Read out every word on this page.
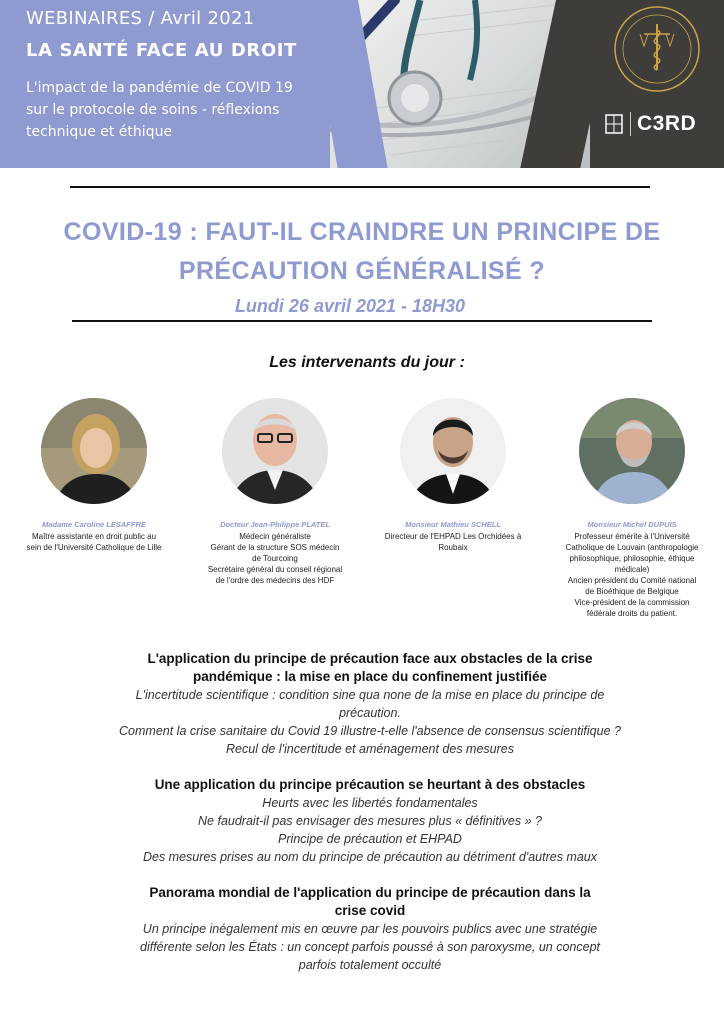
WEBINAIRES / Avril 2021
LA SANTÉ FACE AU DROIT
L'impact de la pandémie de COVID 19
sur le protocole de soins - réflexions
technique et éthique	C3RD
COVID-19 : FAUT-IL CRAINDRE UN PRINCIPE DE
PRÉCAUTION GÉNÉRALISÉ ?
Lundi 26 avril 2021 - 18H30
Les intervenants du jour :
Madame Caroline LESAFFRE
Maître assistante en droit public au
sein de l'Université Catholique de Lille
Docteur Jean-Philippe PLATEL
Médecin généraliste
Gérant de la structure SOS médecin
de Tourcoing
Secrétaire général du conseil régional
de l'ordre des médecins des HDF
Monsieur Mathieu SCHELL
Directeur de l'EHPAD Les Orchidées à
Roubaix
Monsieur Michel DUPUIS
Professeur émérite à l'Université
Catholique de Louvain (anthropologie
philosophique, philosophie, éthique
médicale)
Ancien président du Comité national
de Bioéthique de Belgique
Vice-président de la commission
fédérale droits du patient.
L'application du principe de précaution face aux obstacles de la crise
pandémique : la mise en place du confinement justifiée
L'incertitude scientifique : condition sine qua none de la mise en place du principe de
précaution.
Comment la crise sanitaire du Covid 19 illustre-t-elle l'absence de consensus scientifique ?
Recul de l'incertitude et aménagement des mesures
Une application du principe précaution se heurtant à des obstacles
Heurts avec les libertés fondamentales
Ne faudrait-il pas envisager des mesures plus « définitives » ?
Principe de précaution et EHPAD
Des mesures prises au nom du principe de précaution au détriment d'autres maux
Panorama mondial de l'application du principe de précaution dans la
crise covid
Un principe inégalement mis en œuvre par les pouvoirs publics avec une stratégie
différente selon les États : un concept parfois poussé à son paroxysme, un concept
parfois totalement occulté
